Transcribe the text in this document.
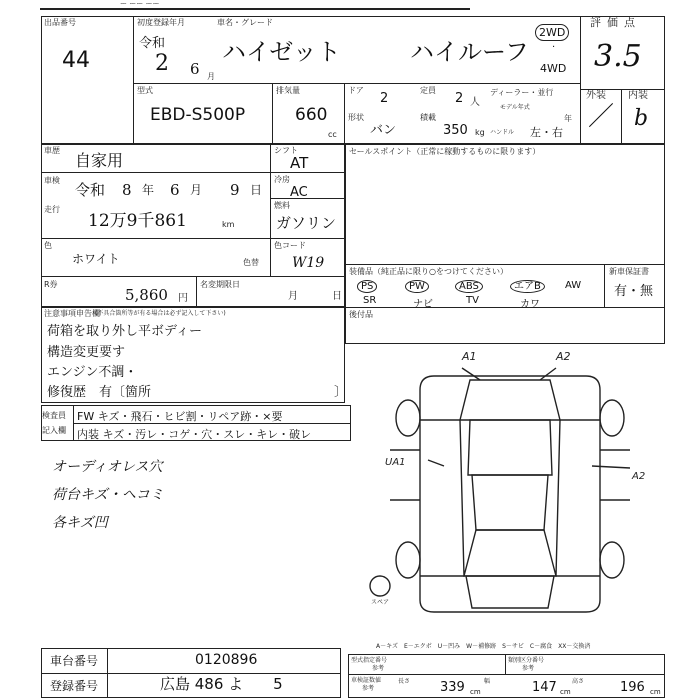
出品番号
44
初度登録年月
令和
2 6 月
車名・グレード
ハイゼット	ハイルーフ
2WD
·
4WD
評価点
3.5
型式
EBD-S500P
排気量
660
cc
ドア
2
定員
2 人
ディーラー・並行
モデル年式
年
形状
バン
積載
350 kg ハンドル 左・右
外装 内装
／ b
車歴
自家用
車検
令和 8 年 6 月 9 日
走行
12万9千861	km
シフト
AT
冷房
AC
燃料
ガソリン
色
ホワイト	色替
色コード
W19
R券
5,860 円
名変期限日
月	日
セールスポイント（正常に稼動するものに限ります）
装備品（純正品に限り○をつけてください）	新車保証書
有・無
PS	PW	ABS	エアB	AW
SR	ナビ	TV	カワ
後付品
注意事項申告欄
(不具合箇所等が有る場合は必ず記入して下さい)
荷箱を取り外し平ボディー
構造変更要す
エンジン不調・
修復歴　有〔箇所	〕
検査員
記入欄
FW キズ・飛石・ヒビ割・リペア跡・×要
内装 キズ・汚レ・コゲ・穴・スレ・キレ・破レ
オーディオレス穴
荷台キズ・ヘコミ
各キズ凹
A1	A2
UA1
A2
スペア
A－キズ　E－エクボ　U－凹み　W－補修跡　S－サビ　C－腐食　XX－交換済
車台番号	0120896
登録番号	広島 486 よ　　5
型式指定番号
参考
類別区分番号
参考
車検証数値
参考
長さ 339 cm
幅	147 cm
高さ	196 cm
ー ーー ーー
